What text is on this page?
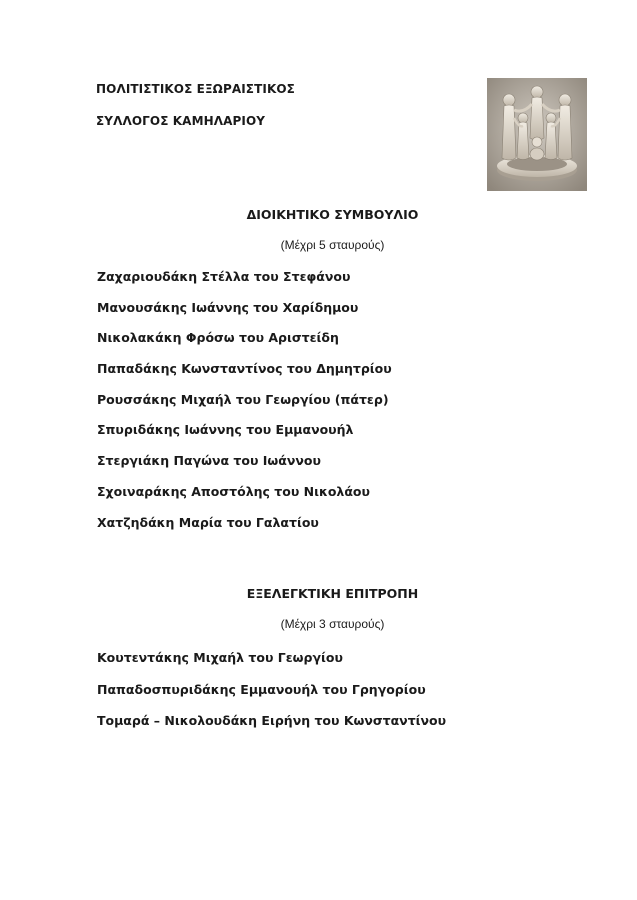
ΠΟΛΙΤΙΣΤΙΚΟΣ ΕΞΩΡΑΙΣΤΙΚΟΣ
ΣΥΛΛΟΓΟΣ ΚΑΜΗΛΑΡΙΟΥ
ΔΙΟΙΚΗΤΙΚΟ ΣΥΜΒΟΥΛΙΟ
(Μέχρι 5 σταυρούς)
Ζαχαριουδάκη Στέλλα του Στεφάνου
Μανουσάκης Ιωάννης του Χαρίδημου
Νικολακάκη Φρόσω του Αριστείδη
Παπαδάκης Κωνσταντίνος του Δημητρίου
Ρουσσάκης Μιχαήλ του Γεωργίου (πάτερ)
Σπυριδάκης Ιωάννης του Εμμανουήλ
Στεργιάκη Παγώνα του Ιωάννου
Σχοιναράκης Αποστόλης του Νικολάου
Χατζηδάκη Μαρία του Γαλατίου
ΕΞΕΛΕΓΚΤΙΚΗ ΕΠΙΤΡΟΠΗ
(Μέχρι 3 σταυρούς)
Κουτεντάκης Μιχαήλ του Γεωργίου
Παπαδοσπυριδάκης Εμμανουήλ του Γρηγορίου
Τομαρά – Νικολουδάκη Ειρήνη του Κωνσταντίνου
